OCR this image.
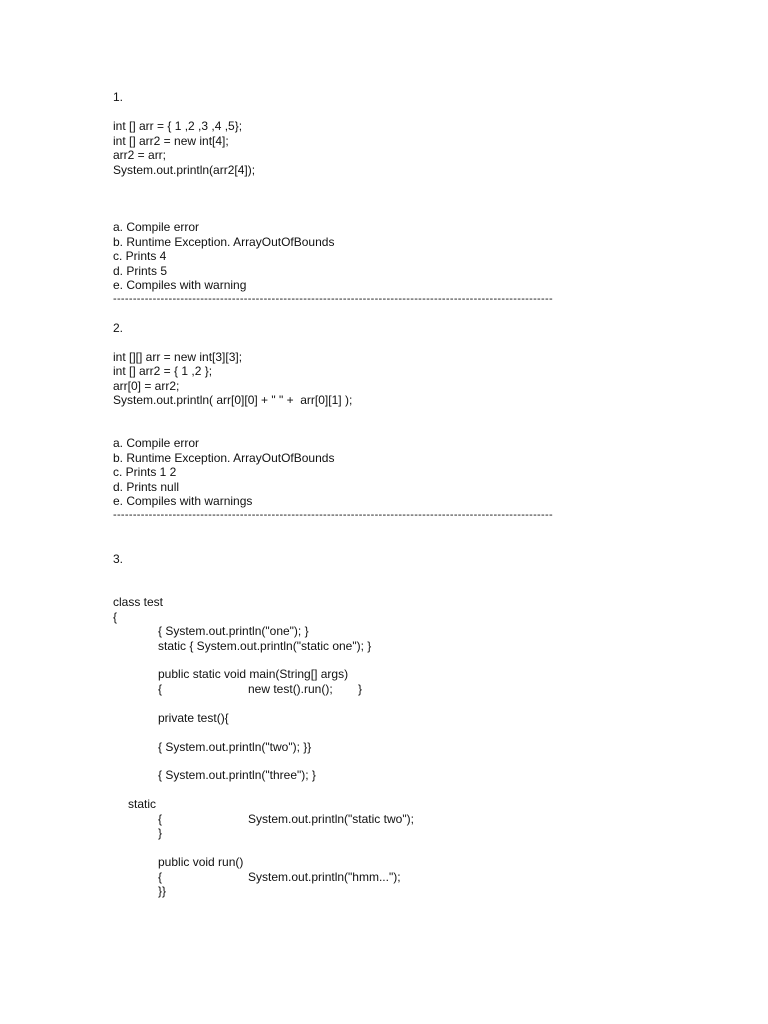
1.
int [] arr = { 1 ,2 ,3 ,4 ,5};
int [] arr2 = new int[4];
arr2 = arr;
System.out.println(arr2[4]);
a. Compile error
b. Runtime Exception. ArrayOutOfBounds
c. Prints 4
d. Prints 5
e. Compiles with warning
---------------------------------------------------------------------------------------------------------------
2.
int [][] arr = new int[3][3];
int [] arr2 = { 1 ,2 };
arr[0] = arr2;
System.out.println( arr[0][0] + " " +  arr[0][1] );
a. Compile error
b. Runtime Exception. ArrayOutOfBounds
c. Prints 1 2
d. Prints null
e. Compiles with warnings
---------------------------------------------------------------------------------------------------------------
3.
class test
{
{ System.out.println("one"); }
static { System.out.println("static one"); }
public static void main(String[] args)
{	new test().run(); }
private test(){
{ System.out.println("two"); }}
{ System.out.println("three"); }
static
{	System.out.println("static two");
}
public void run()
{	System.out.println("hmm...");
}}
